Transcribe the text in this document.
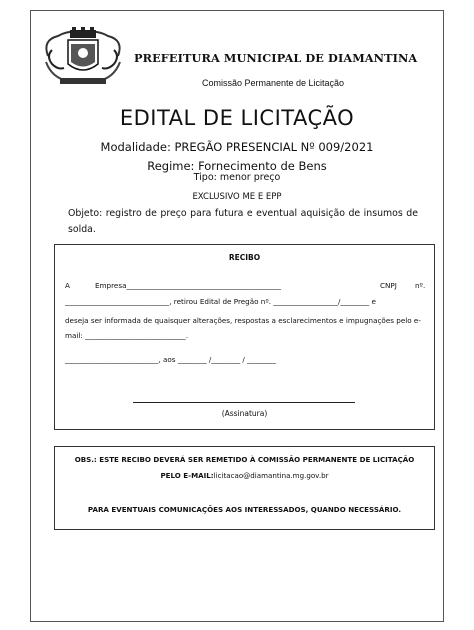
PREFEITURA MUNICIPAL DE DIAMANTINA
Comissão Permanente de Licitação
EDITAL DE LICITAÇÃO
Modalidade: PREGÃO PRESENCIAL Nº 009/2021
Regime: Fornecimento de Bens
Tipo: menor preço
EXCLUSIVO ME E EPP
Objeto: registro de preço para futura e eventual aquisição de insumos de solda.
RECIBO
A	Empresa___________________________________________	CNPJ	nº.
_____________________________, retirou Edital de Pregão nº. __________________/________ e
deseja ser informada de quaisquer alterações, respostas a esclarecimentos e impugnações pelo e-
mail: ____________________________.
__________________________, aos ________ /________ / ________
(Assinatura)
OBS.: ESTE RECIBO DEVERÁ SER REMETIDO À COMISSÃO PERMANENTE DE LICITAÇÃO
PELO E-MAIL:licitacao@diamantina.mg.gov.br
PARA EVENTUAIS COMUNICAÇÕES AOS INTERESSADOS, QUANDO NECESSÁRIO.
